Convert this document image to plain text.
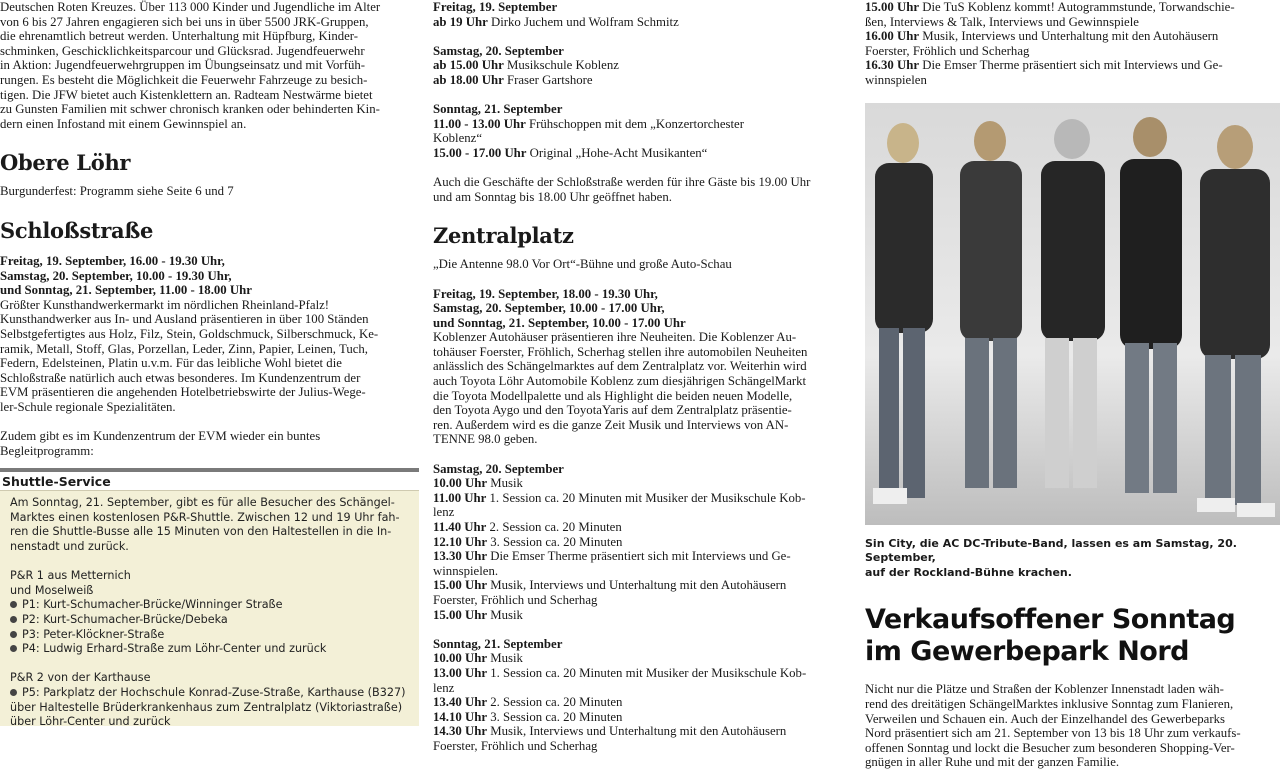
Deutschen Roten Kreuzes. Über 113 000 Kinder und Jugendliche im Alter
von 6 bis 27 Jahren engagieren sich bei uns in über 5500 JRK-Gruppen,
die ehrenamtlich betreut werden. Unterhaltung mit Hüpfburg, Kinder-
schminken, Geschicklichkeitsparcour und Glücksrad. Jugendfeuerwehr
in Aktion: Jugendfeuerwehrgruppen im Übungseinsatz und mit Vorfüh-
rungen. Es besteht die Möglichkeit die Feuerwehr Fahrzeuge zu besich-
tigen. Die JFW bietet auch Kistenklettern an. Radteam Nestwärme bietet
zu Gunsten Familien mit schwer chronisch kranken oder behinderten Kin-
dern einen Infostand mit einem Gewinnspiel an.
Obere Löhr
Burgunderfest: Programm siehe Seite 6 und 7
Schloßstraße
Freitag, 19. September, 16.00 - 19.30 Uhr,
Samstag, 20. September, 10.00 - 19.30 Uhr,
und Sonntag, 21. September, 11.00 - 18.00 Uhr
Größter Kunsthandwerkermarkt im nördlichen Rheinland-Pfalz!
Kunsthandwerker aus In- und Ausland präsentieren in über 100 Ständen
Selbstgefertigtes aus Holz, Filz, Stein, Goldschmuck, Silberschmuck, Ke-
ramik, Metall, Stoff, Glas, Porzellan, Leder, Zinn, Papier, Leinen, Tuch,
Federn, Edelsteinen, Platin u.v.m. Für das leibliche Wohl bietet die
Schloßstraße natürlich auch etwas besonderes. Im Kundenzentrum der
EVM präsentieren die angehenden Hotelbetriebswirte der Julius-Wege-
ler-Schule regionale Spezialitäten.
Zudem gibt es im Kundenzentrum der EVM wieder ein buntes
Begleitprogramm:
Shuttle-Service
Am Sonntag, 21. September, gibt es für alle Besucher des Schängel-
Marktes einen kostenlosen P&R-Shuttle. Zwischen 12 und 19 Uhr fah-
ren die Shuttle-Busse alle 15 Minuten von den Haltestellen in die In-
nenstadt und zurück.
P&R 1 aus Metternich
und Moselweiß
P1: Kurt-Schumacher-Brücke/Winninger Straße
P2: Kurt-Schumacher-Brücke/Debeka
P3: Peter-Klöckner-Straße
P4: Ludwig Erhard-Straße zum Löhr-Center und zurück
P&R 2 von der Karthause
P5: Parkplatz der Hochschule Konrad-Zuse-Straße, Karthause (B327)
über Haltestelle Brüderkrankenhaus zum Zentralplatz (Viktoriastraße)
über Löhr-Center und zurück
Freitag, 19. September
ab 19 Uhr Dirko Juchem und Wolfram Schmitz
Samstag, 20. September
ab 15.00 Uhr Musikschule Koblenz
ab 18.00 Uhr Fraser Gartshore
Sonntag, 21. September
11.00 - 13.00 Uhr Frühschoppen mit dem „Konzertorchester
Koblenz“
15.00 - 17.00 Uhr Original „Hohe-Acht Musikanten“
Auch die Geschäfte der Schloßstraße werden für ihre Gäste bis 19.00 Uhr
und am Sonntag bis 18.00 Uhr geöffnet haben.
Zentralplatz
„Die Antenne 98.0 Vor Ort“-Bühne und große Auto-Schau
Freitag, 19. September, 18.00 - 19.30 Uhr,
Samstag, 20. September, 10.00 - 17.00 Uhr,
und Sonntag, 21. September, 10.00 - 17.00 Uhr
Koblenzer Autohäuser präsentieren ihre Neuheiten. Die Koblenzer Au-
tohäuser Foerster, Fröhlich, Scherhag stellen ihre automobilen Neuheiten
anlässlich des Schängelmarktes auf dem Zentralplatz vor. Weiterhin wird
auch Toyota Löhr Automobile Koblenz zum diesjährigen SchängelMarkt
die Toyota Modellpalette und als Highlight die beiden neuen Modelle,
den Toyota Aygo und den ToyotaYaris auf dem Zentralplatz präsentie-
ren. Außerdem wird es die ganze Zeit Musik und Interviews von AN-
TENNE 98.0 geben.
Samstag, 20. September
10.00 Uhr Musik
11.00 Uhr 1. Session ca. 20 Minuten mit Musiker der Musikschule Kob-
lenz
11.40 Uhr 2. Session ca. 20 Minuten
12.10 Uhr 3. Session ca. 20 Minuten
13.30 Uhr Die Emser Therme präsentiert sich mit Interviews und Ge-
winnspielen.
15.00 Uhr Musik, Interviews und Unterhaltung mit den Autohäusern
Foerster, Fröhlich und Scherhag
15.00 Uhr Musik
Sonntag, 21. September
10.00 Uhr Musik
13.00 Uhr 1. Session ca. 20 Minuten mit Musiker der Musikschule Kob-
lenz
13.40 Uhr 2. Session ca. 20 Minuten
14.10 Uhr 3. Session ca. 20 Minuten
14.30 Uhr Musik, Interviews und Unterhaltung mit den Autohäusern
Foerster, Fröhlich und Scherhag
15.00 Uhr Die TuS Koblenz kommt! Autogrammstunde, Torwandschie-
ßen, Interviews & Talk, Interviews und Gewinnspiele
16.00 Uhr Musik, Interviews und Unterhaltung mit den Autohäusern
Foerster, Fröhlich und Scherhag
16.30 Uhr Die Emser Therme präsentiert sich mit Interviews und Ge-
winnspielen
Sin City, die AC DC-Tribute-Band, lassen es am Samstag, 20. September,
auf der Rockland-Bühne krachen.
Verkaufsoffener Sonntag
im Gewerbepark Nord
Nicht nur die Plätze und Straßen der Koblenzer Innenstadt laden wäh-
rend des dreitätigen SchängelMarktes inklusive Sonntag zum Flanieren,
Verweilen und Schauen ein. Auch der Einzelhandel des Gewerbeparks
Nord präsentiert sich am 21. September von 13 bis 18 Uhr zum verkaufs-
offenen Sonntag und lockt die Besucher zum besonderen Shopping-Ver-
gnügen in aller Ruhe und mit der ganzen Familie.
